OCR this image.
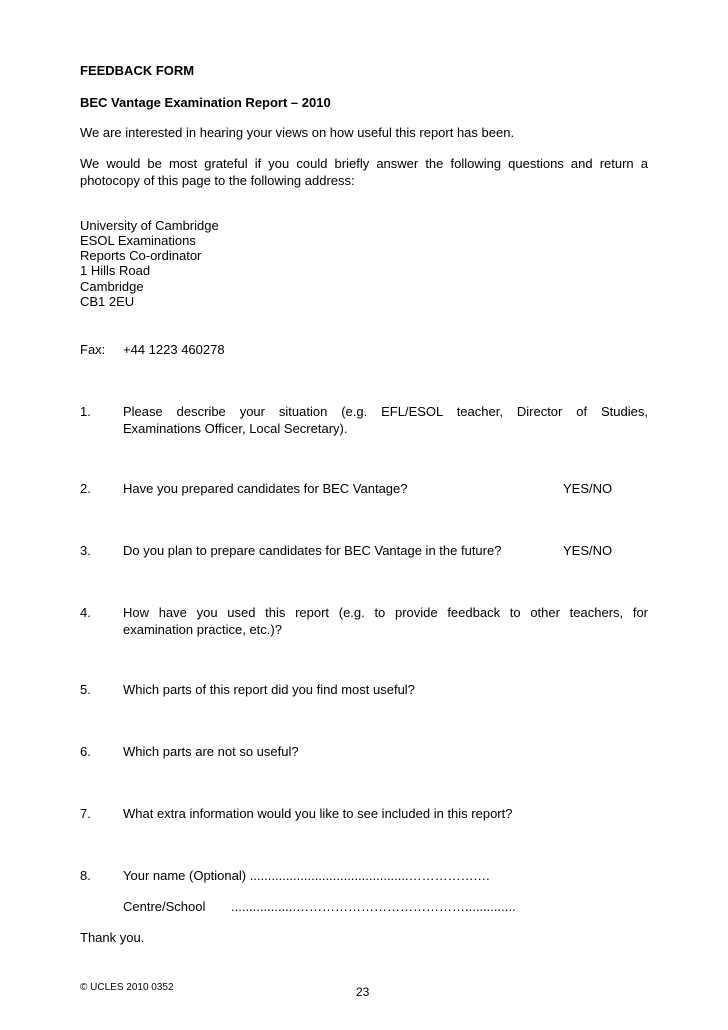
FEEDBACK FORM
BEC Vantage Examination Report – 2010
We are interested in hearing your views on how useful this report has been.
We would be most grateful if you could briefly answer the following questions and return a
photocopy of this page to the following address:
University of Cambridge
ESOL Examinations
Reports Co-ordinator
1 Hills Road
Cambridge
CB1 2EU
Fax: +44 1223 460278
1. Please describe your situation (e.g. EFL/ESOL teacher, Director of Studies,
Examinations Officer, Local Secretary).
2. Have you prepared candidates for BEC Vantage?	YES/NO
3. Do you plan to prepare candidates for BEC Vantage in the future?	YES/NO
4. How have you used this report (e.g. to provide feedback to other teachers, for
examination practice, etc.)?
5. Which parts of this report did you find most useful?
6. Which parts are not so useful?
7. What extra information would you like to see included in this report?
8. Your name (Optional) ............................................…………….…
Centre/School ..................…………………………………..............
Thank you.
© UCLES 2010 0352	23
